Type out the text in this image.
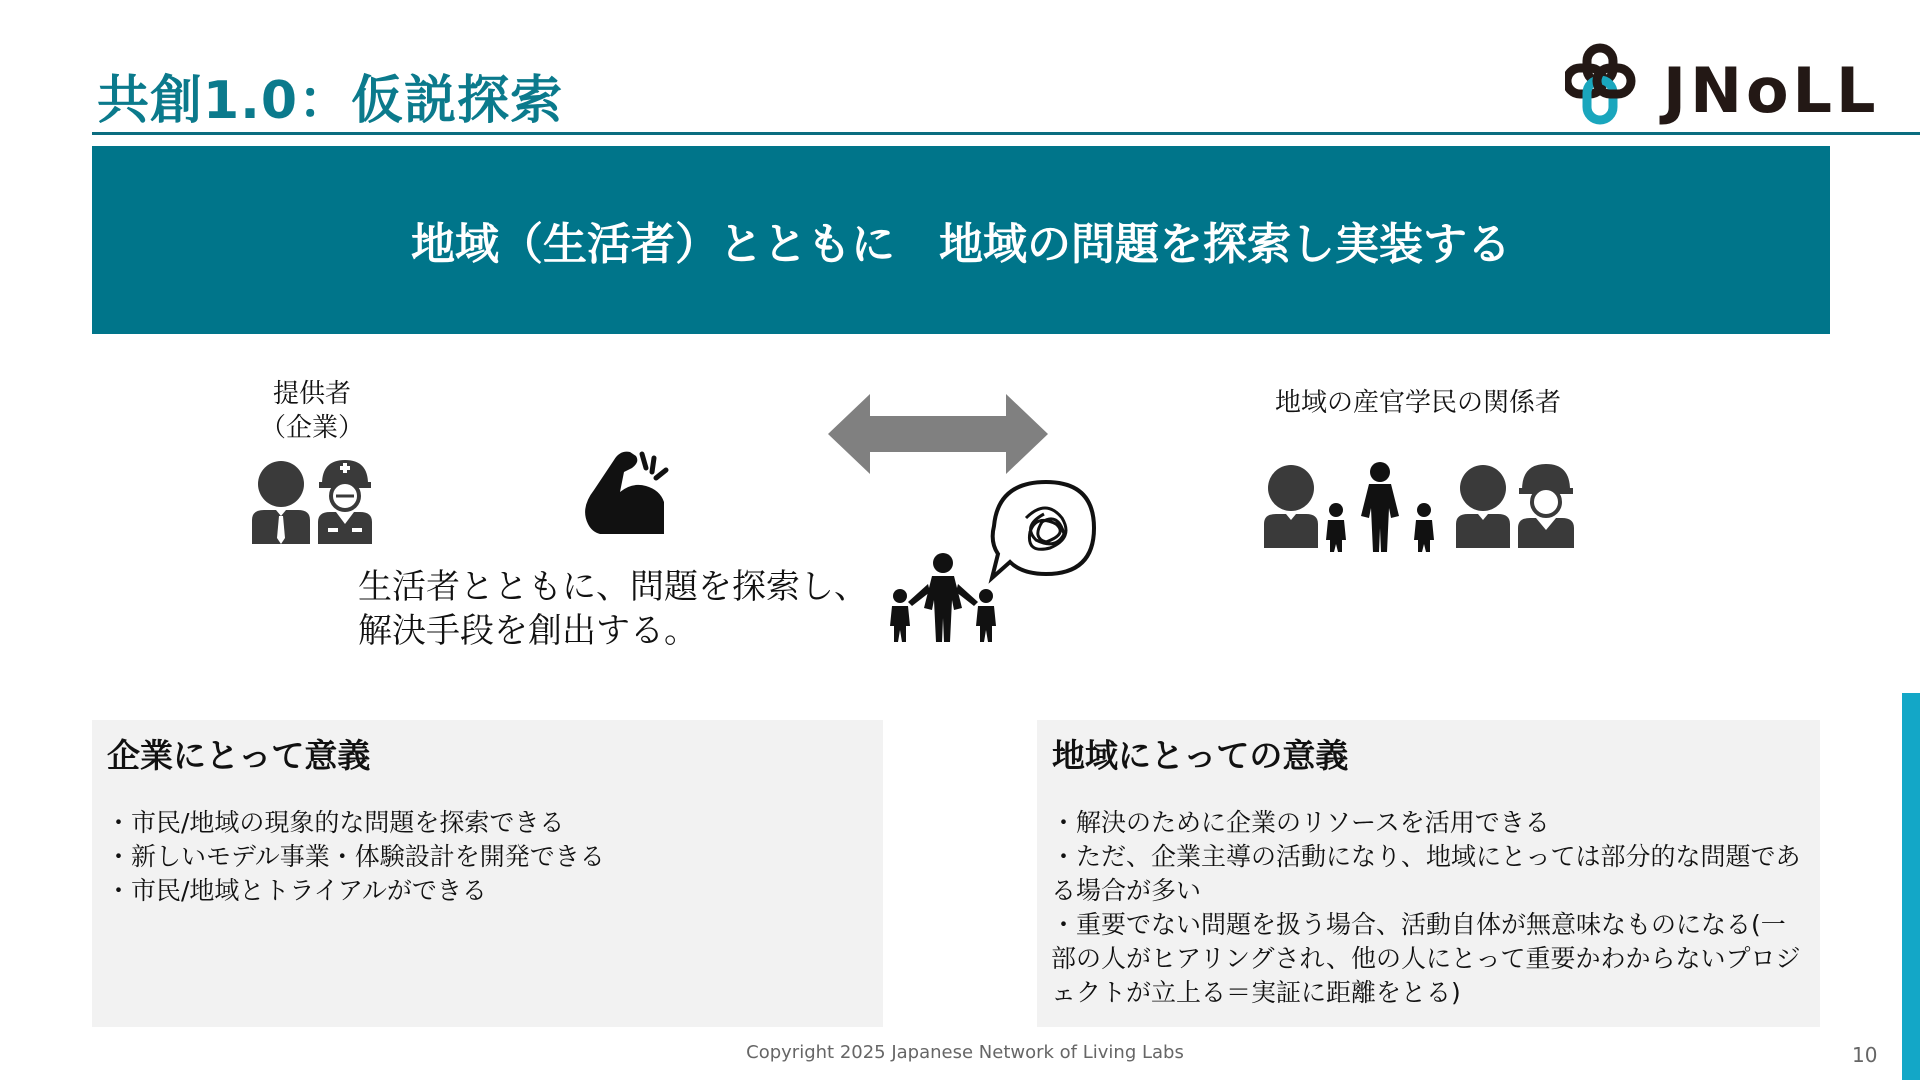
共創1.0：仮説探索	JNoLL
地域（生活者）とともに　地域の問題を探索し実装する
提供者
（企業）
生活者とともに、問題を探索し、
解決手段を創出する。
地域の産官学民の関係者
企業にとって意義
・市民/地域の現象的な問題を探索できる
・新しいモデル事業・体験設計を開発できる
・市民/地域とトライアルができる
地域にとっての意義
・解決のために企業のリソースを活用できる
・ただ、企業主導の活動になり、地域にとっては部分的な問題である場合が多い
・重要でない問題を扱う場合、活動自体が無意味なものになる(一部の人がヒアリングされ、他の人にとって重要かわからないプロジェクトが立上る＝実証に距離をとる)
Copyright 2025 Japanese Network of Living Labs	10
